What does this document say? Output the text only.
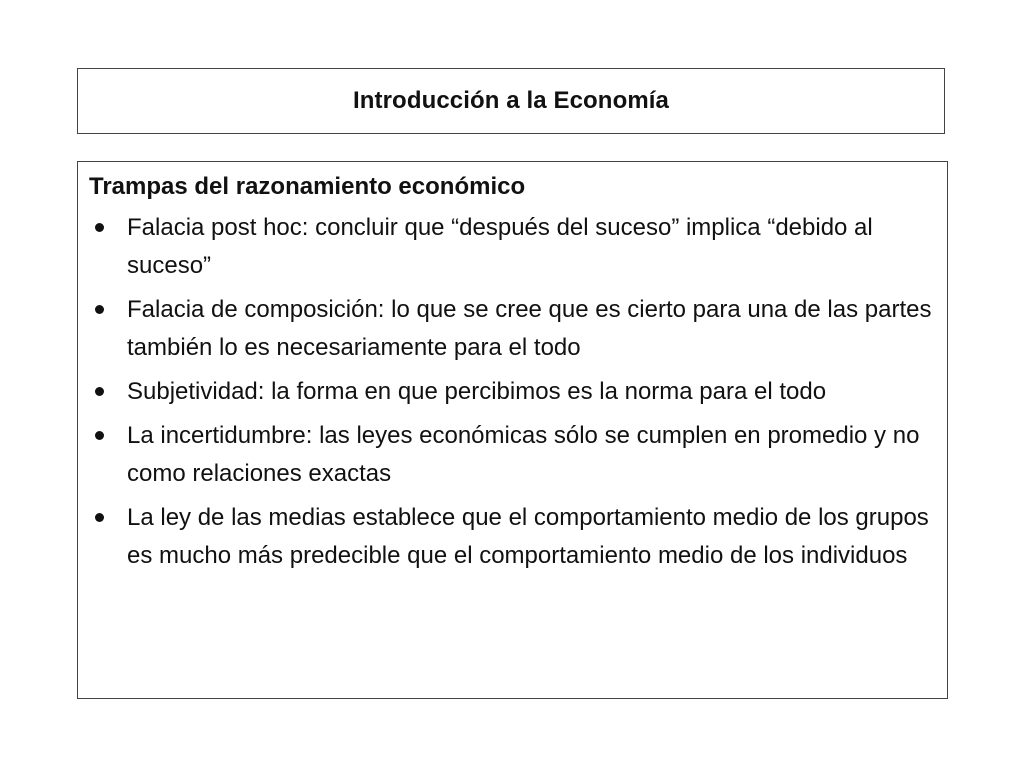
Introducción a la Economía
Trampas del razonamiento económico
Falacia post hoc: concluir que “después del suceso” implica “debido al suceso”
Falacia de composición: lo que se cree que es cierto para una de las partes también lo es necesariamente para el todo
Subjetividad: la forma en que percibimos es la norma para el todo
La incertidumbre: las leyes económicas sólo se cumplen en promedio y no como relaciones exactas
La ley de las medias establece que el comportamiento medio de los grupos es mucho más predecible que el comportamiento medio de los individuos
